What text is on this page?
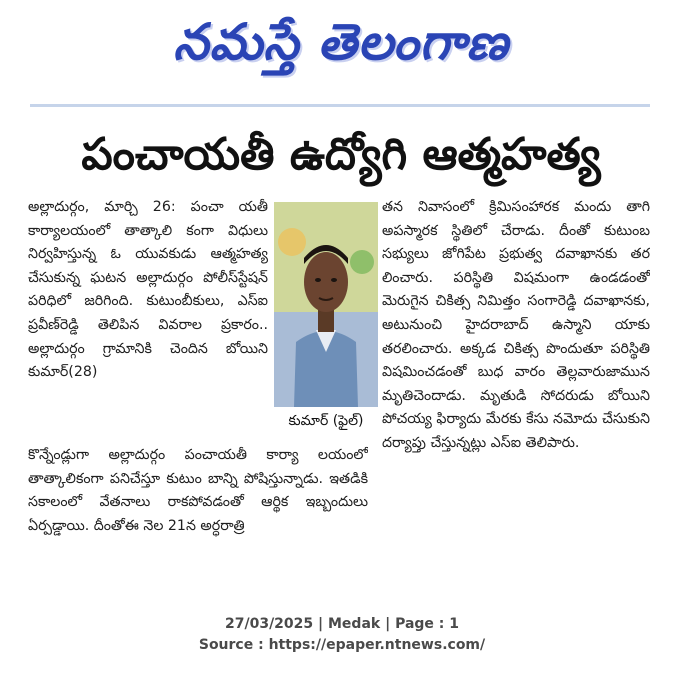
నమస్తే తెలంగాణ
పంచాయతీ ఉద్యోగి ఆత్మహత్య
అల్లాదుర్గం, మార్చి 26: పంచా యతీ కార్యాలయంలో తాత్కాలి కంగా విధులు నిర్వహిస్తున్న ఓ యువకుడు ఆత్మహత్య చేసుకున్న ఘటన అల్లాదుర్గం పోలీస్‌స్టేషన్ పరిధిలో జరిగింది. కుటుంబీకులు, ఎస్ఐ ప్రవీణ్‌రెడ్డి తెలిపిన వివరాల ప్రకారం.. అల్లాదుర్గం గ్రామానికి చెందిన బోయిని కుమార్(28)
కుమార్ (ఫైల్)
కొన్నేండ్లుగా అల్లాదుర్గం పంచాయతీ కార్యా లయంలో తాత్కాలికంగా పనిచేస్తూ కుటుం బాన్ని పోషిస్తున్నాడు. ఇతడికి సకాలంలో వేతనాలు రాకపోవడంతో ఆర్థిక ఇబ్బందులు ఏర్పడ్డాయి. దీంతోఈ నెల 21న అర్ధరాత్రి
తన నివాసంలో క్రిమిసంహారక మందు తాగి అపస్మారక స్థితిలో చేరాడు. దీంతో కుటుంబ సభ్యులు జోగిపేట ప్రభుత్వ దవాఖానకు తర లించారు. పరిస్థితి విషమంగా ఉండడంతో మెరుగైన చికిత్స నిమిత్తం సంగారెడ్డి దవాఖానకు, అటునుంచి హైదరాబాద్ ఉస్మాని యాకు తరలించారు. అక్కడ చికిత్స పొందుతూ పరిస్థితి విషమించడంతో బుధ వారం తెల్లవారుజామున మృతిచెందాడు. మృతుడి సోదరుడు బోయిని పోచయ్య ఫిర్యాదు మేరకు కేసు నమోదు చేసుకుని దర్యాప్తు చేస్తున్నట్లు ఎస్ఐ తెలిపారు.
27/03/2025 | Medak | Page : 1
Source : https://epaper.ntnews.com/
